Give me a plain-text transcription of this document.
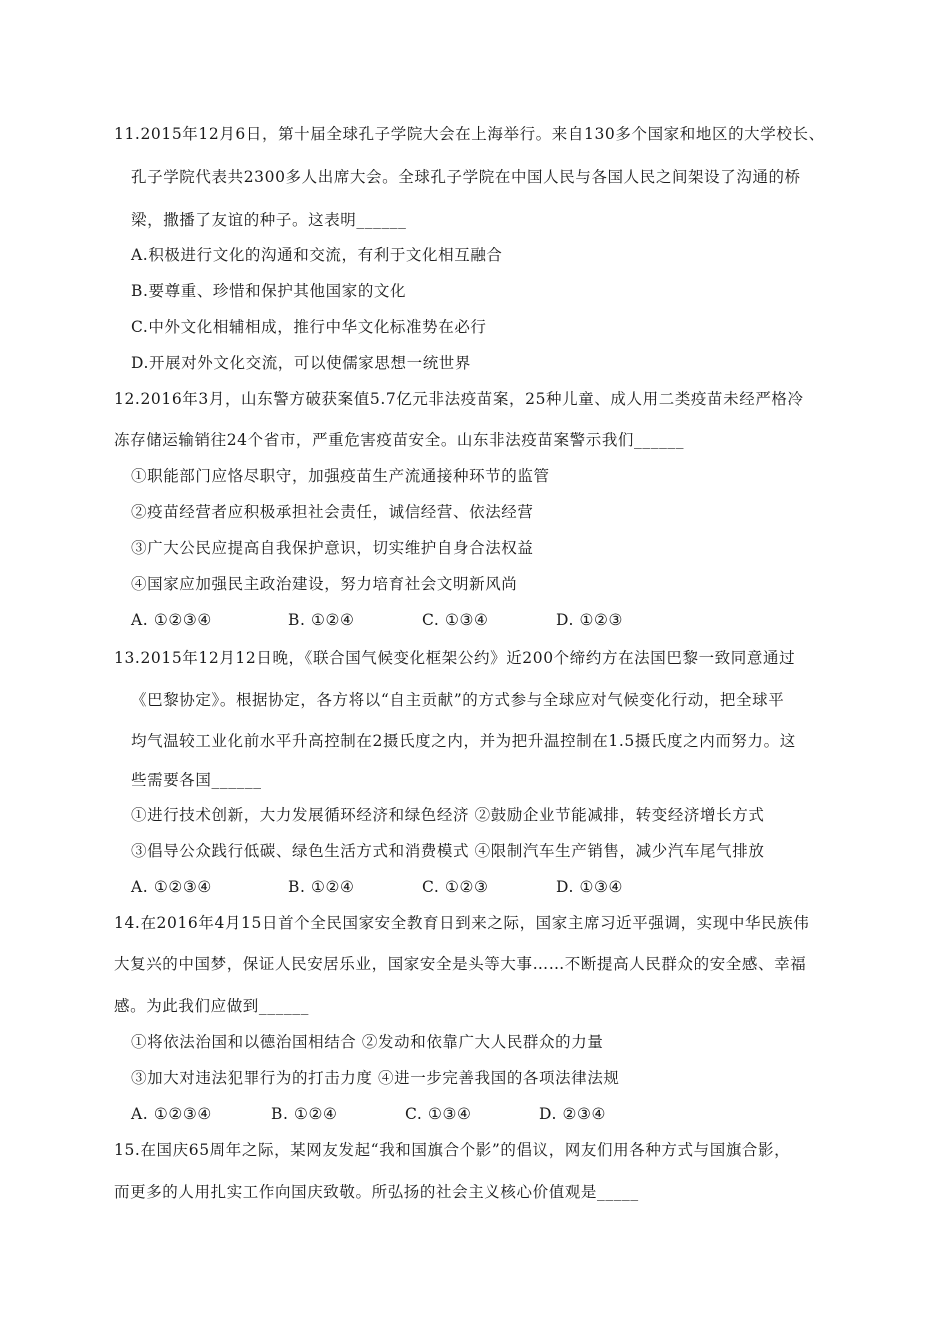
11.2015年12月6日，第十届全球孔子学院大会在上海举行。来自130多个国家和地区的大学校长、
孔子学院代表共2300多人出席大会。全球孔子学院在中国人民与各国人民之间架设了沟通的桥
梁，撒播了友谊的种子。这表明______
A.积极进行文化的沟通和交流，有利于文化相互融合
B.要尊重、珍惜和保护其他国家的文化
C.中外文化相辅相成，推行中华文化标准势在必行
D.开展对外文化交流，可以使儒家思想一统世界
12.2016年3月，山东警方破获案值5.7亿元非法疫苗案，25种儿童、成人用二类疫苗未经严格冷
冻存储运输销往24个省市，严重危害疫苗安全。山东非法疫苗案警示我们______
①职能部门应恪尽职守，加强疫苗生产流通接种环节的监管
②疫苗经营者应积极承担社会责任，诚信经营、依法经营
③广大公民应提高自我保护意识，切实维护自身合法权益
④国家应加强民主政治建设，努力培育社会文明新风尚
A. ①②③④	B. ①②④	C. ①③④	D. ①②③
13.2015年12月12日晚，《联合国气候变化框架公约》近200个缔约方在法国巴黎一致同意通过
《巴黎协定》。根据协定，各方将以“自主贡献”的方式参与全球应对气候变化行动，把全球平
均气温较工业化前水平升高控制在2摄氏度之内，并为把升温控制在1.5摄氏度之内而努力。这
些需要各国______
①进行技术创新，大力发展循环经济和绿色经济 ②鼓励企业节能减排，转变经济增长方式
③倡导公众践行低碳、绿色生活方式和消费模式 ④限制汽车生产销售，减少汽车尾气排放
A. ①②③④	B. ①②④	C. ①②③	D. ①③④
14.在2016年4月15日首个全民国家安全教育日到来之际，国家主席习近平强调，实现中华民族伟
大复兴的中国梦，保证人民安居乐业，国家安全是头等大事……不断提高人民群众的安全感、幸福
感。为此我们应做到______
①将依法治国和以德治国相结合 ②发动和依靠广大人民群众的力量
③加大对违法犯罪行为的打击力度 ④进一步完善我国的各项法律法规
A. ①②③④	B. ①②④	C. ①③④	D. ②③④
15.在国庆65周年之际，某网友发起“我和国旗合个影”的倡议，网友们用各种方式与国旗合影，
而更多的人用扎实工作向国庆致敬。所弘扬的社会主义核心价值观是_____
